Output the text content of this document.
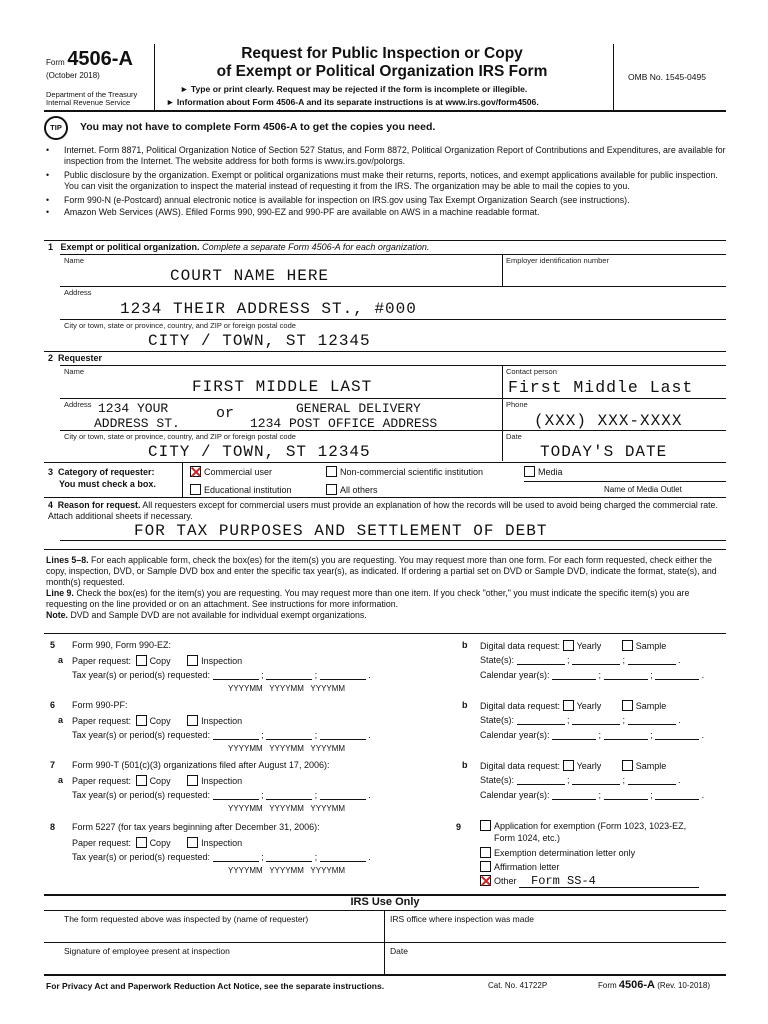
Form 4506-A
(October 2018)
Department of the Treasury
Internal Revenue Service
Request for Public Inspection or Copy
of Exempt or Political Organization IRS Form
► Type or print clearly. Request may be rejected if the form is incomplete or illegible.
► Information about Form 4506-A and its separate instructions is at www.irs.gov/form4506.
OMB No. 1545-0495
TIP	You may not have to complete Form 4506-A to get the copies you need.
•	Internet. Form 8871, Political Organization Notice of Section 527 Status, and Form 8872, Political Organization Report of Contributions and Expenditures, are available for inspection from the Internet. The website address for both forms is www.irs.gov/polorgs.
•	Public disclosure by the organization. Exempt or political organizations must make their returns, reports, notices, and exempt applications available for public inspection. You can visit the organization to inspect the material instead of requesting it from the IRS. The organization may be able to mail the copies to you.
•	Form 990-N (e-Postcard) annual electronic notice is available for inspection on IRS.gov using Tax Exempt Organization Search (see instructions).
•	Amazon Web Services (AWS). Efiled Forms 990, 990-EZ and 990-PF are available on AWS in a machine readable format.
1 Exempt or political organization. Complete a separate Form 4506-A for each organization.
Name
COURT NAME HERE
Employer identification number
Address
1234 THEIR ADDRESS ST., #000
City or town, state or province, country, and ZIP or foreign postal code
CITY / TOWN, ST 12345
2 Requester
Name
FIRST MIDDLE LAST
Contact person
First Middle Last
Address 1234 YOUR
ADDRESS ST.
or	GENERAL DELIVERY
1234 POST OFFICE ADDRESS
Phone
(XXX) XXX-XXXX
City or town, state or province, country, and ZIP or foreign postal code
CITY / TOWN, ST 12345
Date
TODAY'S DATE
3 Category of requester:
You must check a box.
Commercial user	Non-commercial scientific institution	Media
Educational institution	All others	Name of Media Outlet
4 Reason for request. All requesters except for commercial users must provide an explanation of how the records will be used to avoid being charged the commercial rate. Attach additional sheets if necessary.
FOR TAX PURPOSES AND SETTLEMENT OF DEBT
Lines 5–8. For each applicable form, check the box(es) for the item(s) you are requesting. You may request more than one form. For each form requested, check either the copy, inspection, DVD, or Sample DVD box and enter the specific tax year(s), as indicated. If ordering a partial set on DVD or Sample DVD, indicate the format, state(s), and month(s) requested.
Line 9. Check the box(es) for the item(s) you are requesting. You may request more than one item. If you check "other," you must indicate the specific item(s) you are requesting on the line provided or on an attachment. See instructions for more information.
Note. DVD and Sample DVD are not available for individual exempt organizations.
5 Form 990, Form 990-EZ:
a Paper request: Copy	Inspection
Tax year(s) or period(s) requested:	;	;	.
YYYYMM YYYYMM YYYYMM
b Digital data request: Yearly	Sample
State(s):	;	;	.
Calendar year(s):	;	;	.
6 Form 990-PF:
a Paper request: Copy	Inspection
Tax year(s) or period(s) requested:	;	;	.
YYYYMM YYYYMM YYYYMM
b Digital data request: Yearly	Sample
State(s):	;	;	.
Calendar year(s):	;	;	.
7 Form 990-T (501(c)(3) organizations filed after August 17, 2006):
a Paper request: Copy	Inspection
Tax year(s) or period(s) requested:	;	;	.
YYYYMM YYYYMM YYYYMM
b Digital data request: Yearly	Sample
State(s):	;	;	.
Calendar year(s):	;	;	.
8 Form 5227 (for tax years beginning after December 31, 2006):
Paper request: Copy	Inspection
Tax year(s) or period(s) requested:	;	;	.
YYYYMM YYYYMM YYYYMM
9	Application for exemption (Form 1023, 1023-EZ,
Form 1024, etc.)
Exemption determination letter only
Affirmation letter
Other Form SS-4
IRS Use Only
The form requested above was inspected by (name of requester)	IRS office where inspection was made
Signature of employee present at inspection	Date
For Privacy Act and Paperwork Reduction Act Notice, see the separate instructions.	Cat. No. 41722P	Form 4506-A (Rev. 10-2018)
